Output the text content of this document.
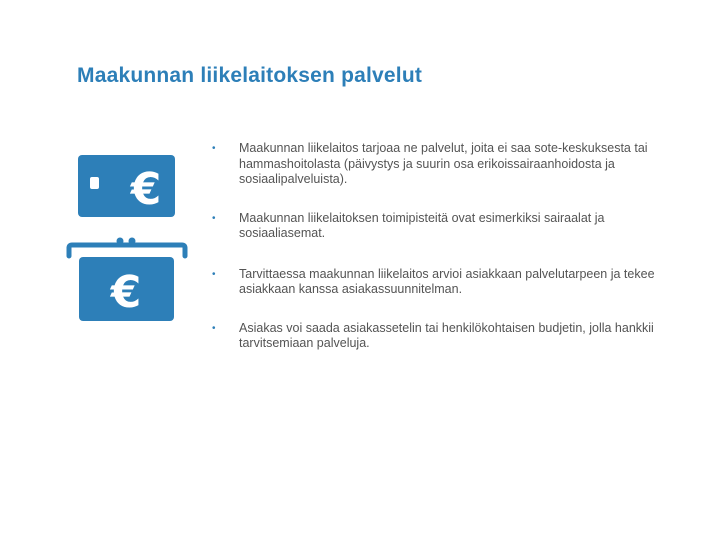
Maakunnan liikelaitoksen palvelut
€
€
• Maakunnan liikelaitos tarjoaa ne palvelut, joita ei saa sote-keskuksesta tai hammashoitolasta (päivystys ja suurin osa erikoissairaanhoidosta ja sosiaalipalveluista).
• Maakunnan liikelaitoksen toimipisteitä ovat esimerkiksi sairaalat ja sosiaaliasemat.
• Tarvittaessa maakunnan liikelaitos arvioi asiakkaan palvelutarpeen ja tekee asiakkaan kanssa asiakassuunnitelman.
• Asiakas voi saada asiakassetelin tai henkilökohtaisen budjetin, jolla hankkii tarvitsemiaan palveluja.
